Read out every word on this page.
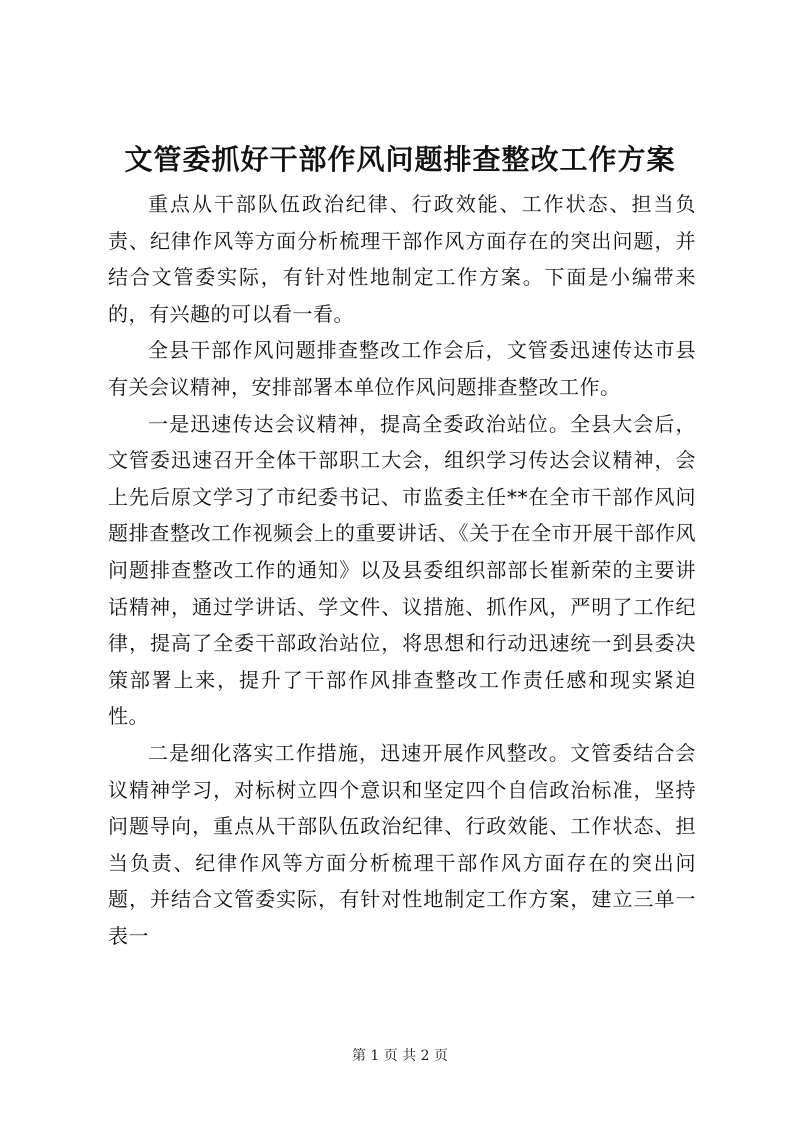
文管委抓好干部作风问题排查整改工作方案

重点从干部队伍政治纪律、行政效能、工作状态、担当负责、纪律作风等方面分析梳理干部作风方面存在的突出问题，并结合文管委实际，有针对性地制定工作方案。下面是小编带来的，有兴趣的可以看一看。

全县干部作风问题排查整改工作会后，文管委迅速传达市县有关会议精神，安排部署本单位作风问题排查整改工作。

一是迅速传达会议精神，提高全委政治站位。全县大会后，文管委迅速召开全体干部职工大会，组织学习传达会议精神，会上先后原文学习了市纪委书记、市监委主任**在全市干部作风问题排查整改工作视频会上的重要讲话、《关于在全市开展干部作风问题排查整改工作的通知》以及县委组织部部长崔新荣的主要讲话精神，通过学讲话、学文件、议措施、抓作风，严明了工作纪律，提高了全委干部政治站位，将思想和行动迅速统一到县委决策部署上来，提升了干部作风排查整改工作责任感和现实紧迫性。

二是细化落实工作措施，迅速开展作风整改。文管委结合会议精神学习，对标树立四个意识和坚定四个自信政治标准，坚持问题导向，重点从干部队伍政治纪律、行政效能、工作状态、担当负责、纪律作风等方面分析梳理干部作风方面存在的突出问题，并结合文管委实际，有针对性地制定工作方案，建立三单一表一

第 1 页 共 2 页
